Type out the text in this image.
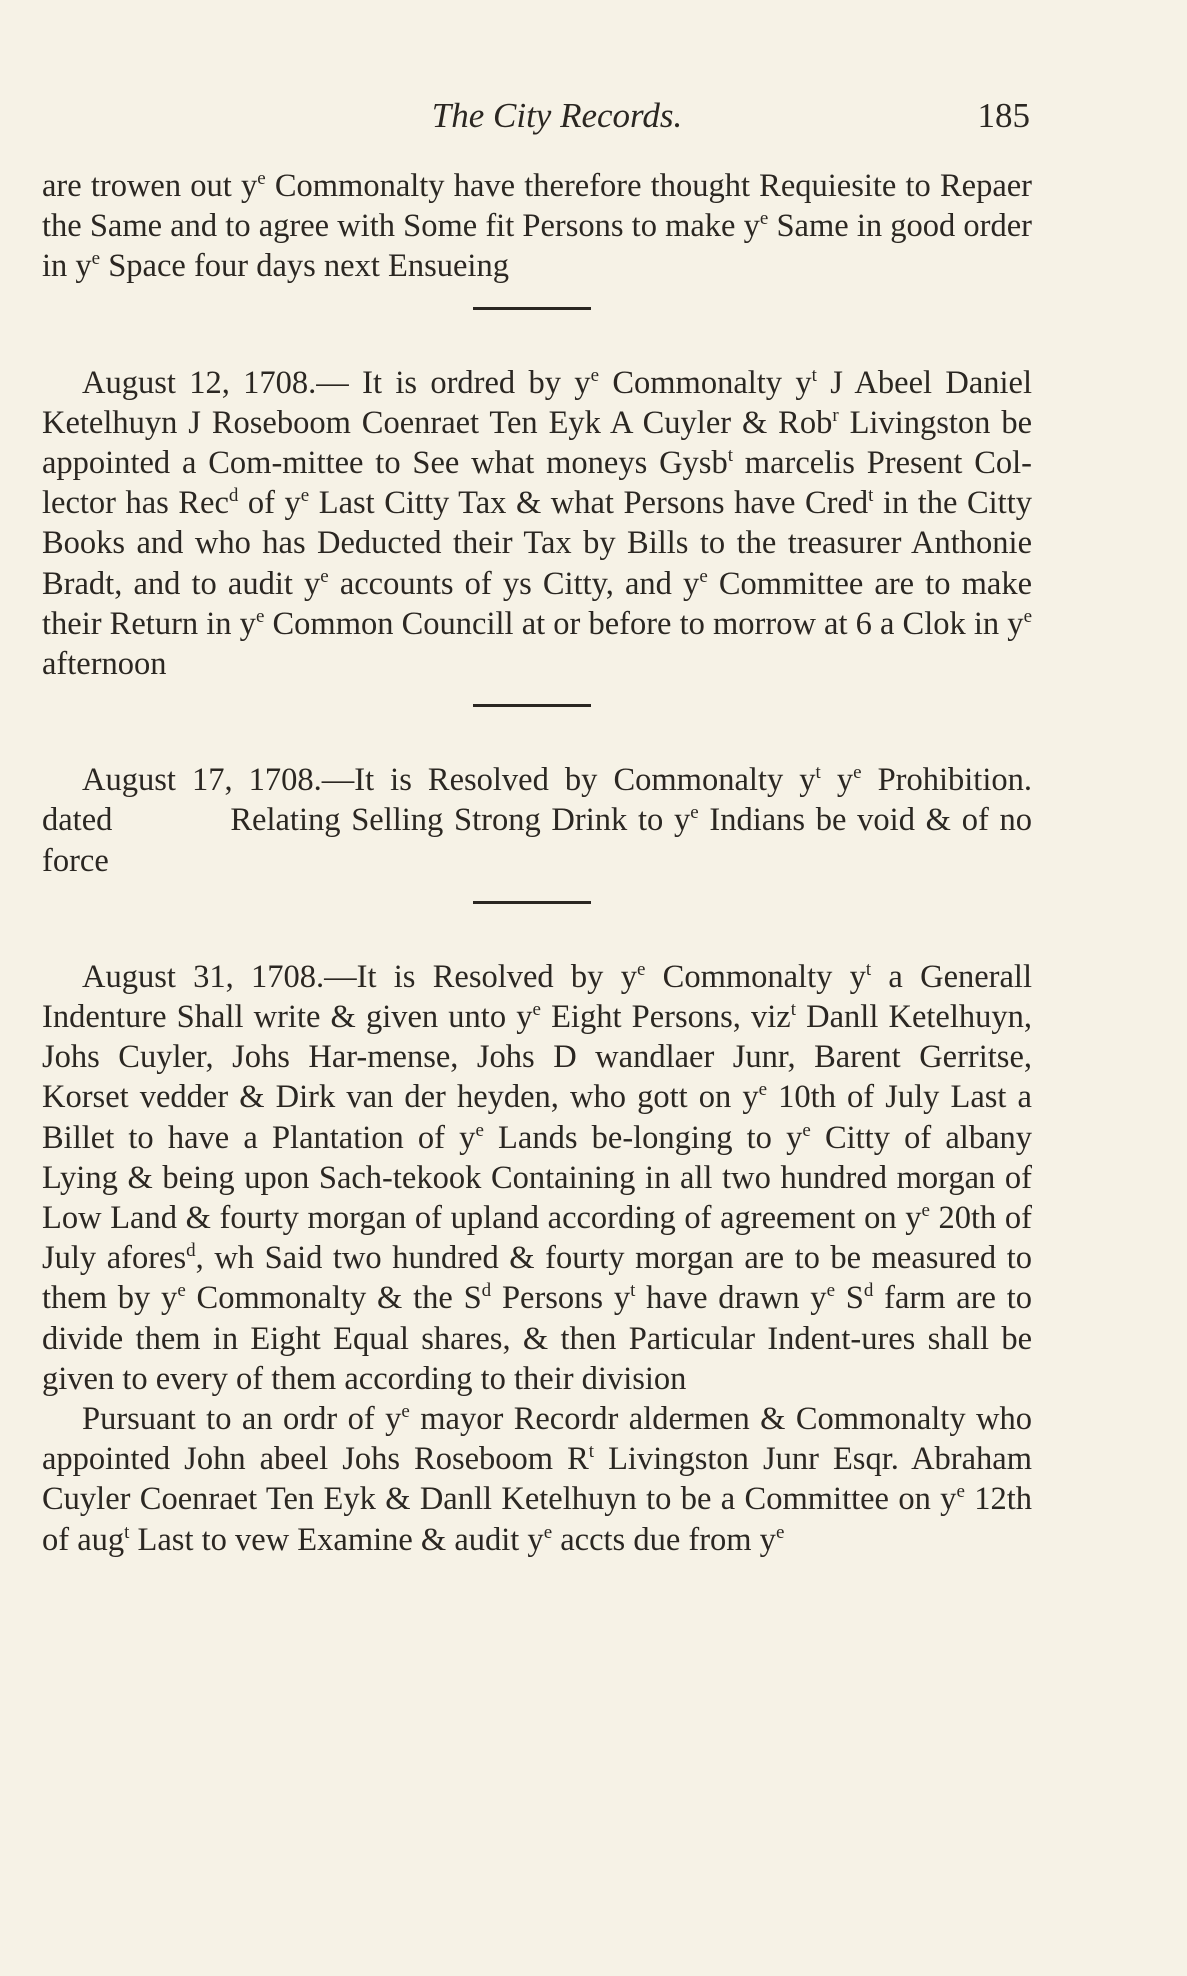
The City Records.	185

are trowen out $y^e$ Commonalty have therefore thought Requiesite to Repaer the Same and to agree with Some fit Persons to make $y^e$ Same in good order in $y^e$ Space four days next Ensueing

August 12, 1708.— It is ordred by $y^e$ Commonalty $y^t$ J Abeel Daniel Ketelhuyn J Roseboom Coenraet Ten Eyk A Cuyler & Rob$^r$ Livingston be appointed a Com-mittee to See what moneys Gysb$^t$ marcelis Present Col-lector has Rec$^d$ of $y^e$ Last Citty Tax & what Persons have Cred$^t$ in the Citty Books and who has Deducted their Tax by Bills to the treasurer Anthonie Bradt, and to audit $y^e$ accounts of ys Citty, and $y^e$ Committee are to make their Return in $y^e$ Common Councill at or before to morrow at 6 a Clok in $y^e$ afternoon

August 17, 1708.—It is Resolved by Commonalty $y^t$ $y^e$ Prohibition. dated           Relating Selling Strong Drink to $y^e$ Indians be void & of no force

August 31, 1708.—It is Resolved by $y^e$ Commonalty $y^t$ a Generall Indenture Shall write & given unto $y^e$ Eight Persons, viz$^t$ Danll Ketelhuyn, Johs Cuyler, Johs Har-mense, Johs D wandlaer Junr, Barent Gerritse, Korset vedder & Dirk van der heyden, who gott on $y^e$ 10th of July Last a Billet to have a Plantation of $y^e$ Lands be-longing to $y^e$ Citty of albany Lying & being upon Sach-tekook Containing in all two hundred morgan of Low Land & fourty morgan of upland according of agreement on $y^e$ 20th of July afores$^d$, wh Said two hundred & fourty morgan are to be measured to them by $y^e$ Commonalty & the $S^d$ Persons $y^t$ have drawn $y^e$ $S^d$ farm are to divide them in Eight Equal shares, & then Particular Indent-ures shall be given to every of them according to their division

Pursuant to an ordr of $y^e$ mayor Recordr aldermen & Commonalty who appointed John abeel Johs Roseboom $R^t$ Livingston Junr Esqr. Abraham Cuyler Coenraet Ten Eyk & Danll Ketelhuyn to be a Committee on $y^e$ 12th of aug$^t$ Last to vew Examine & audit $y^e$ accts due from $y^e$
